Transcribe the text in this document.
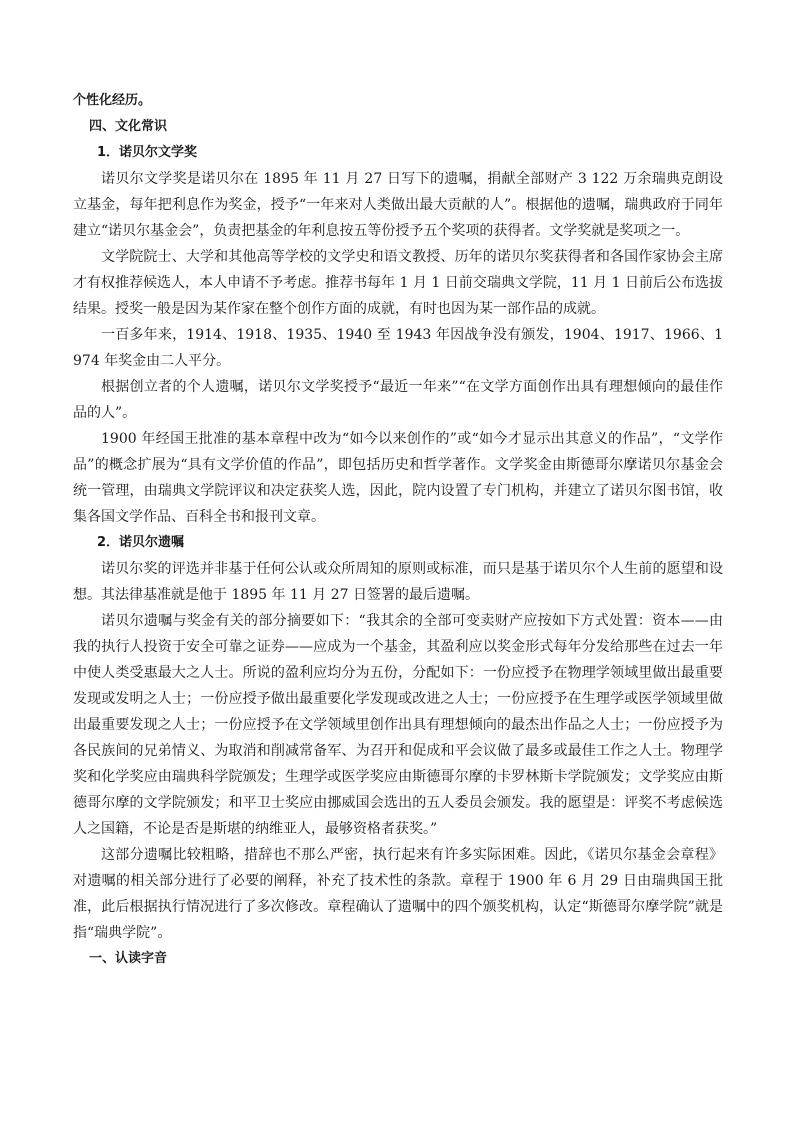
个性化经历。

四、文化常识

1．诺贝尔文学奖

诺贝尔文学奖是诺贝尔在 1895 年 11 月 27 日写下的遗嘱，捐献全部财产 3 122 万余瑞典克朗设立基金，每年把利息作为奖金，授予“一年来对人类做出最大贡献的人”。根据他的遗嘱，瑞典政府于同年建立“诺贝尔基金会”，负责把基金的年利息按五等份授予五个奖项的获得者。文学奖就是奖项之一。

文学院院士、大学和其他高等学校的文学史和语文教授、历年的诺贝尔奖获得者和各国作家协会主席才有权推荐候选人，本人申请不予考虑。推荐书每年 1 月 1 日前交瑞典文学院，11 月 1 日前后公布选拔结果。授奖一般是因为某作家在整个创作方面的成就，有时也因为某一部作品的成就。

一百多年来，1914、1918、1935、1940 至 1943 年因战争没有颁发，1904、1917、1966、1974 年奖金由二人平分。

根据创立者的个人遗嘱，诺贝尔文学奖授予“最近一年来”“在文学方面创作出具有理想倾向的最佳作品的人”。

1900 年经国王批准的基本章程中改为“如今以来创作的”或“如今才显示出其意义的作品”，“文学作品”的概念扩展为“具有文学价值的作品”，即包括历史和哲学著作。文学奖金由斯德哥尔摩诺贝尔基金会统一管理，由瑞典文学院评议和决定获奖人选，因此，院内设置了专门机构，并建立了诺贝尔图书馆，收集各国文学作品、百科全书和报刊文章。

2．诺贝尔遗嘱

诺贝尔奖的评选并非基于任何公认或众所周知的原则或标准，而只是基于诺贝尔个人生前的愿望和设想。其法律基准就是他于 1895 年 11 月 27 日签署的最后遗嘱。

诺贝尔遗嘱与奖金有关的部分摘要如下：“我其余的全部可变卖财产应按如下方式处置：资本——由我的执行人投资于安全可靠之证券——应成为一个基金，其盈利应以奖金形式每年分发给那些在过去一年中使人类受惠最大之人士。所说的盈利应均分为五份，分配如下：一份应授予在物理学领域里做出最重要发现或发明之人士；一份应授予做出最重要化学发现或改进之人士；一份应授予在生理学或医学领域里做出最重要发现之人士；一份应授予在文学领域里创作出具有理想倾向的最杰出作品之人士；一份应授予为各民族间的兄弟情义、为取消和削减常备军、为召开和促成和平会议做了最多或最佳工作之人士。物理学奖和化学奖应由瑞典科学院颁发；生理学或医学奖应由斯德哥尔摩的卡罗林斯卡学院颁发；文学奖应由斯德哥尔摩的文学院颁发；和平卫士奖应由挪威国会选出的五人委员会颁发。我的愿望是：评奖不考虑候选人之国籍，不论是否是斯堪的纳维亚人，最够资格者获奖。”

这部分遗嘱比较粗略，措辞也不那么严密，执行起来有许多实际困难。因此，《诺贝尔基金会章程》对遗嘱的相关部分进行了必要的阐释，补充了技术性的条款。章程于 1900 年 6 月 29 日由瑞典国王批准，此后根据执行情况进行了多次修改。章程确认了遗嘱中的四个颁奖机构，认定“斯德哥尔摩学院”就是指“瑞典学院”。

一、认读字音
